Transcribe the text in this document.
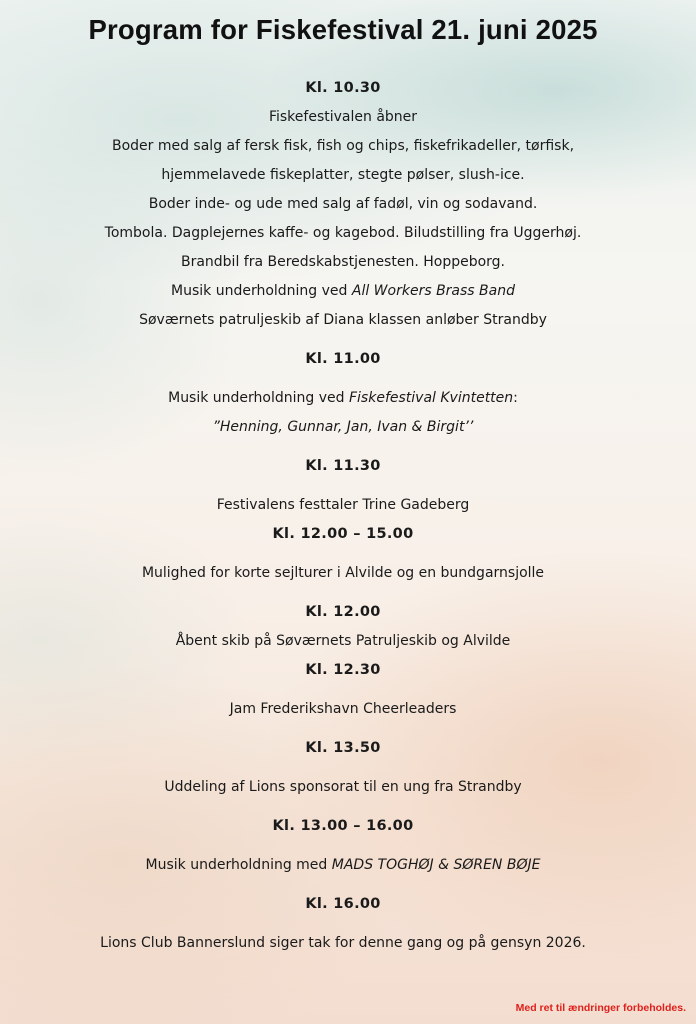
Program for Fiskefestival 21. juni 2025

Kl. 10.30

Fiskefestivalen åbner

Boder med salg af fersk fisk, fish og chips, fiskefrikadeller, tørfisk,

hjemmelavede fiskeplatter, stegte pølser, slush-ice.

Boder inde- og ude med salg af fadøl, vin og sodavand.

Tombola. Dagplejernes kaffe- og kagebod. Biludstilling fra Uggerhøj.

Brandbil fra Beredskabstjenesten. Hoppeborg.

Musik underholdning ved All Workers Brass Band

Søværnets patruljeskib af Diana klassen anløber Strandby

Kl. 11.00

Musik underholdning ved Fiskefestival Kvintetten:

”Henning, Gunnar, Jan, Ivan & Birgit’’

Kl. 11.30

Festivalens festtaler Trine Gadeberg

Kl. 12.00 – 15.00

Mulighed for korte sejlturer i Alvilde og en bundgarnsjolle

Kl. 12.00

Åbent skib på Søværnets Patruljeskib og Alvilde

Kl. 12.30

Jam Frederikshavn Cheerleaders

Kl. 13.50

Uddeling af Lions sponsorat til en ung fra Strandby

Kl. 13.00 – 16.00

Musik underholdning med MADS TOGHØJ & SØREN BØJE

Kl. 16.00

Lions Club Bannerslund siger tak for denne gang og på gensyn 2026.

Med ret til ændringer forbeholdes.
